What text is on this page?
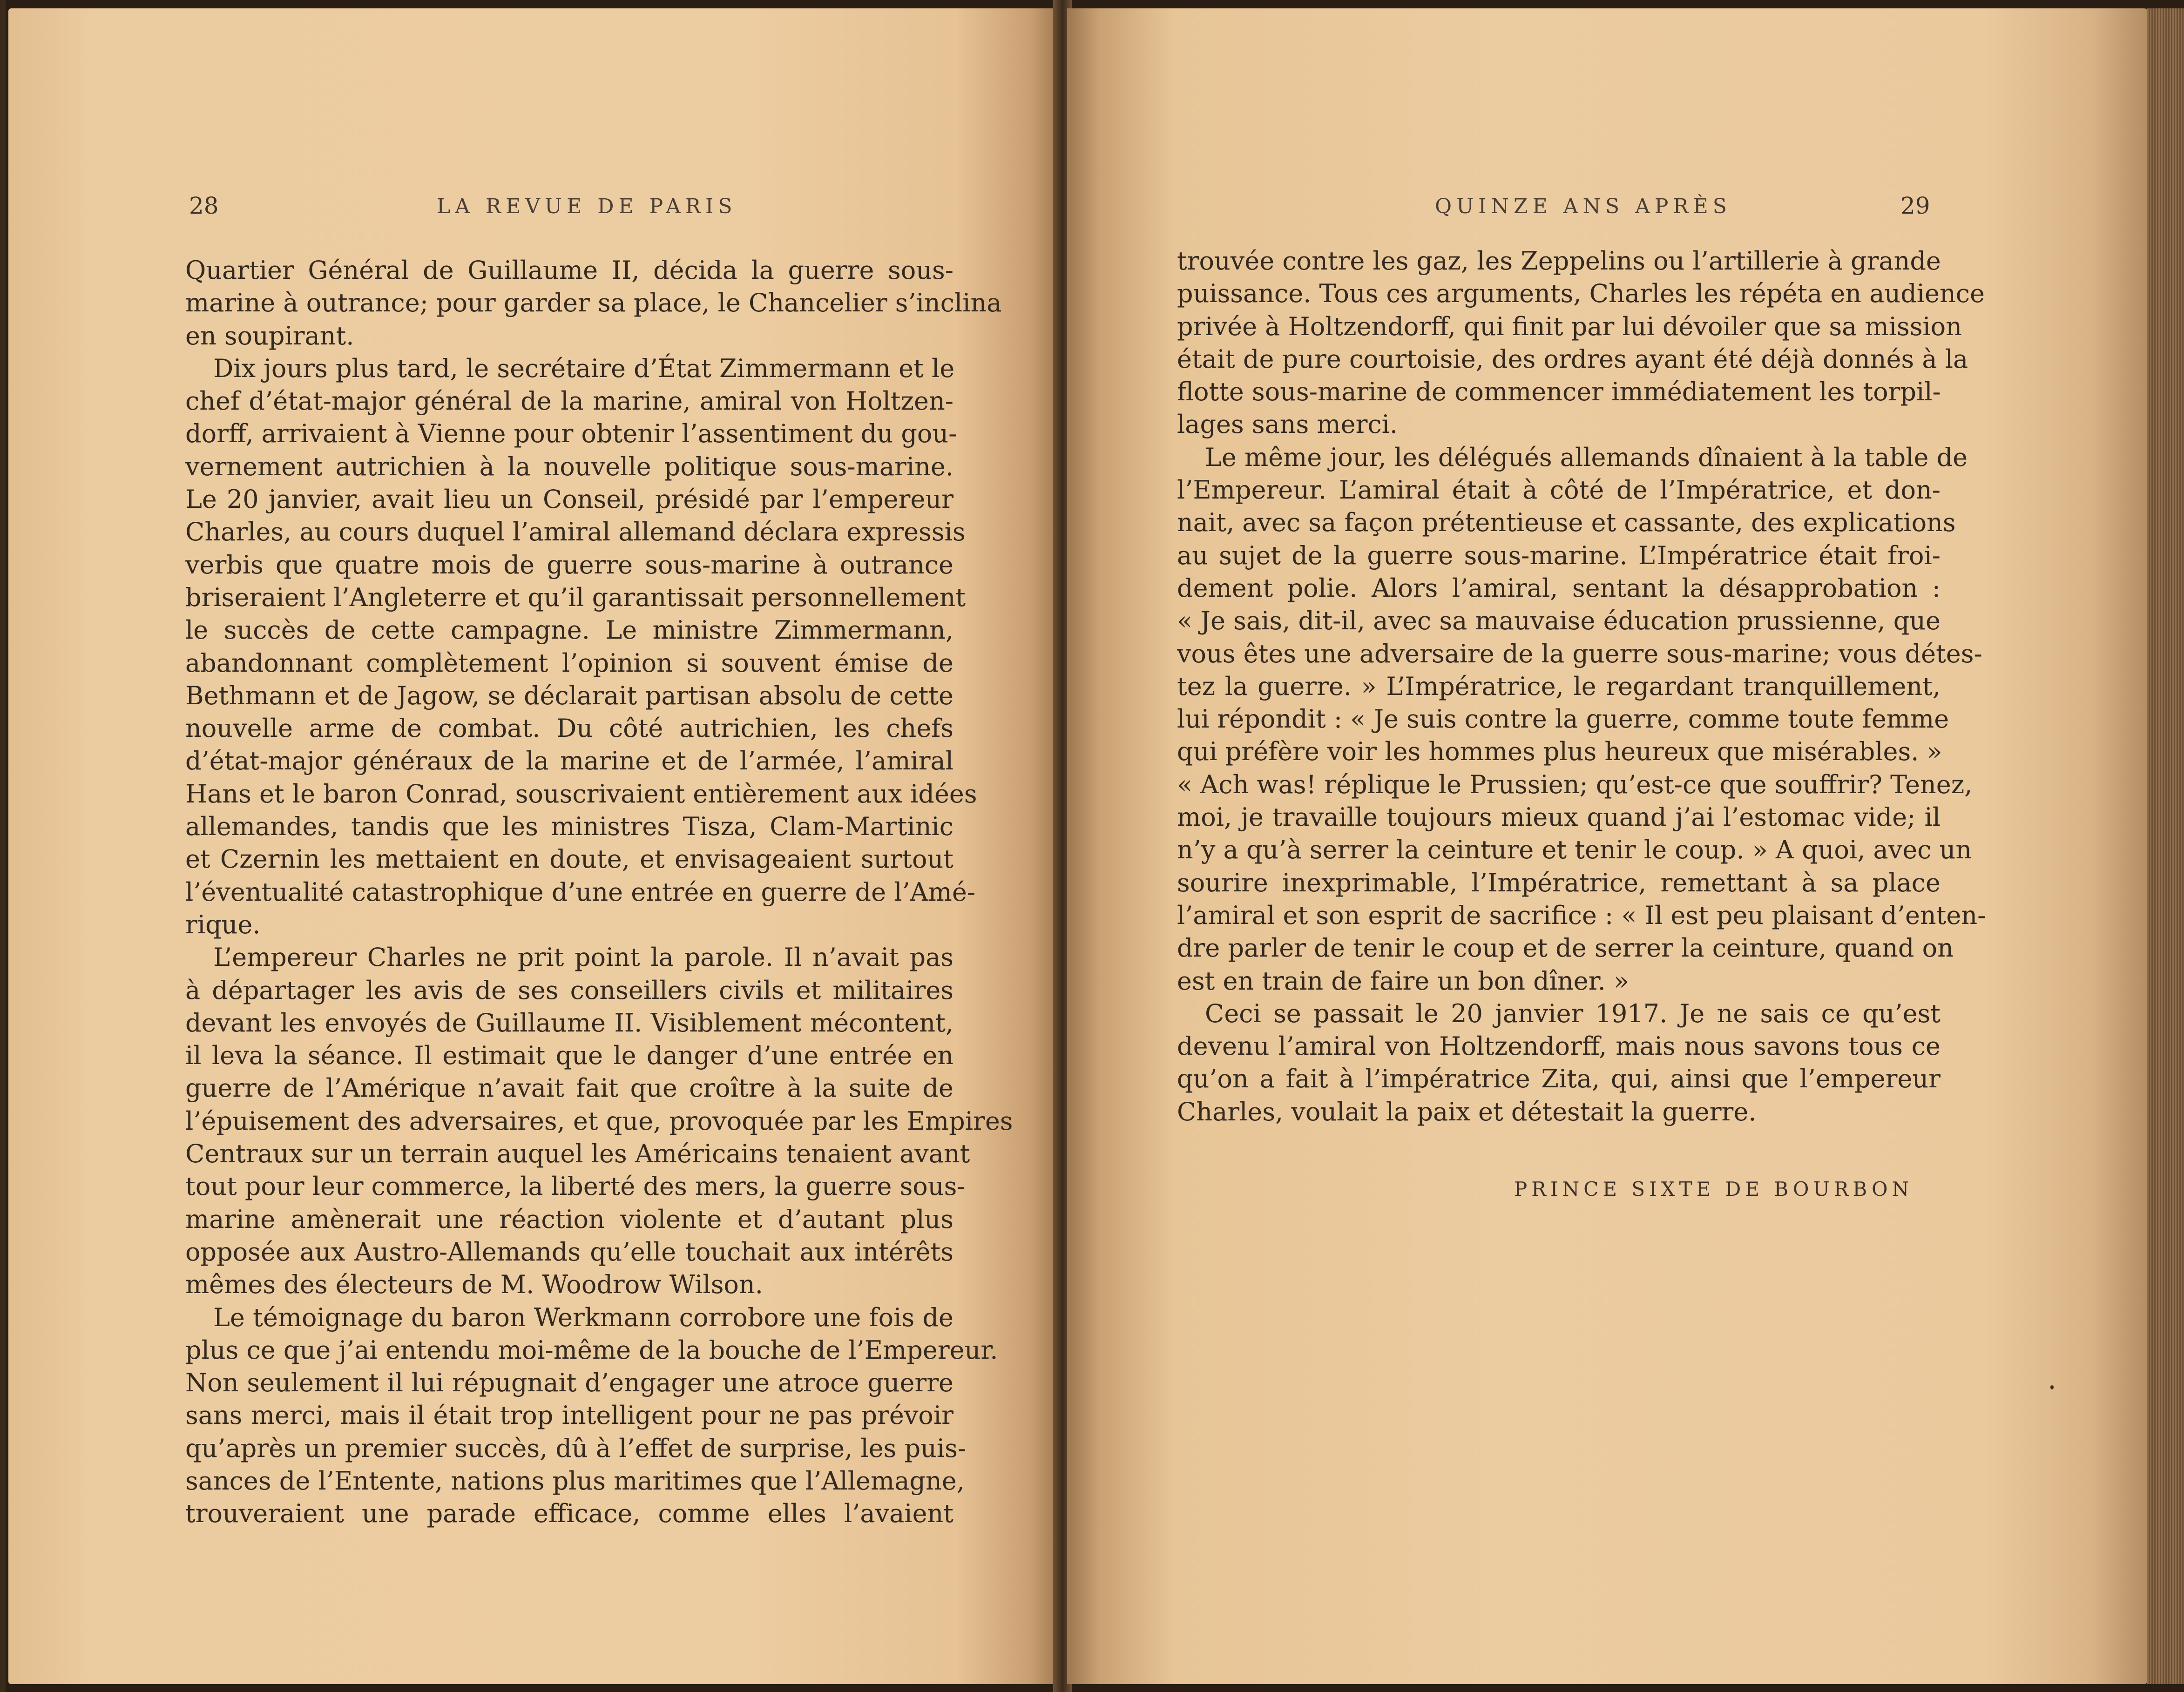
28	LA REVUE DE PARIS
Quartier Général de Guillaume II, décida la guerre sous-
marine à outrance; pour garder sa place, le Chancelier s’inclina
en soupirant.
Dix jours plus tard, le secrétaire d’État Zimmermann et le
chef d’état-major général de la marine, amiral von Holtzen-
dorff, arrivaient à Vienne pour obtenir l’assentiment du gou-
vernement autrichien à la nouvelle politique sous-marine.
Le 20 janvier, avait lieu un Conseil, présidé par l’empereur
Charles, au cours duquel l’amiral allemand déclara expressis
verbis que quatre mois de guerre sous-marine à outrance
briseraient l’Angleterre et qu’il garantissait personnellement
le succès de cette campagne. Le ministre Zimmermann,
abandonnant complètement l’opinion si souvent émise de
Bethmann et de Jagow, se déclarait partisan absolu de cette
nouvelle arme de combat. Du côté autrichien, les chefs
d’état-major généraux de la marine et de l’armée, l’amiral
Hans et le baron Conrad, souscrivaient entièrement aux idées
allemandes, tandis que les ministres Tisza, Clam-Martinic
et Czernin les mettaient en doute, et envisageaient surtout
l’éventualité catastrophique d’une entrée en guerre de l’Amé-
rique.
L’empereur Charles ne prit point la parole. Il n’avait pas
à départager les avis de ses conseillers civils et militaires
devant les envoyés de Guillaume II. Visiblement mécontent,
il leva la séance. Il estimait que le danger d’une entrée en
guerre de l’Amérique n’avait fait que croître à la suite de
l’épuisement des adversaires, et que, provoquée par les Empires
Centraux sur un terrain auquel les Américains tenaient avant
tout pour leur commerce, la liberté des mers, la guerre sous-
marine amènerait une réaction violente et d’autant plus
opposée aux Austro-Allemands qu’elle touchait aux intérêts
mêmes des électeurs de M. Woodrow Wilson.
Le témoignage du baron Werkmann corrobore une fois de
plus ce que j’ai entendu moi-même de la bouche de l’Empereur.
Non seulement il lui répugnait d’engager une atroce guerre
sans merci, mais il était trop intelligent pour ne pas prévoir
qu’après un premier succès, dû à l’effet de surprise, les puis-
sances de l’Entente, nations plus maritimes que l’Allemagne,
trouveraient une parade efficace, comme elles l’avaient
QUINZE ANS APRÈS	29
trouvée contre les gaz, les Zeppelins ou l’artillerie à grande
puissance. Tous ces arguments, Charles les répéta en audience
privée à Holtzendorff, qui finit par lui dévoiler que sa mission
était de pure courtoisie, des ordres ayant été déjà donnés à la
flotte sous-marine de commencer immédiatement les torpil-
lages sans merci.
Le même jour, les délégués allemands dînaient à la table de
l’Empereur. L’amiral était à côté de l’Impératrice, et don-
nait, avec sa façon prétentieuse et cassante, des explications
au sujet de la guerre sous-marine. L’Impératrice était froi-
dement polie. Alors l’amiral, sentant la désapprobation :
« Je sais, dit-il, avec sa mauvaise éducation prussienne, que
vous êtes une adversaire de la guerre sous-marine; vous détes-
tez la guerre. » L’Impératrice, le regardant tranquillement,
lui répondit : « Je suis contre la guerre, comme toute femme
qui préfère voir les hommes plus heureux que misérables. »
« Ach was! réplique le Prussien; qu’est-ce que souffrir? Tenez,
moi, je travaille toujours mieux quand j’ai l’estomac vide; il
n’y a qu’à serrer la ceinture et tenir le coup. » A quoi, avec un
sourire inexprimable, l’Impératrice, remettant à sa place
l’amiral et son esprit de sacrifice : « Il est peu plaisant d’enten-
dre parler de tenir le coup et de serrer la ceinture, quand on
est en train de faire un bon dîner. »
Ceci se passait le 20 janvier 1917. Je ne sais ce qu’est
devenu l’amiral von Holtzendorff, mais nous savons tous ce
qu’on a fait à l’impératrice Zita, qui, ainsi que l’empereur
Charles, voulait la paix et détestait la guerre.
PRINCE SIXTE DE BOURBON
